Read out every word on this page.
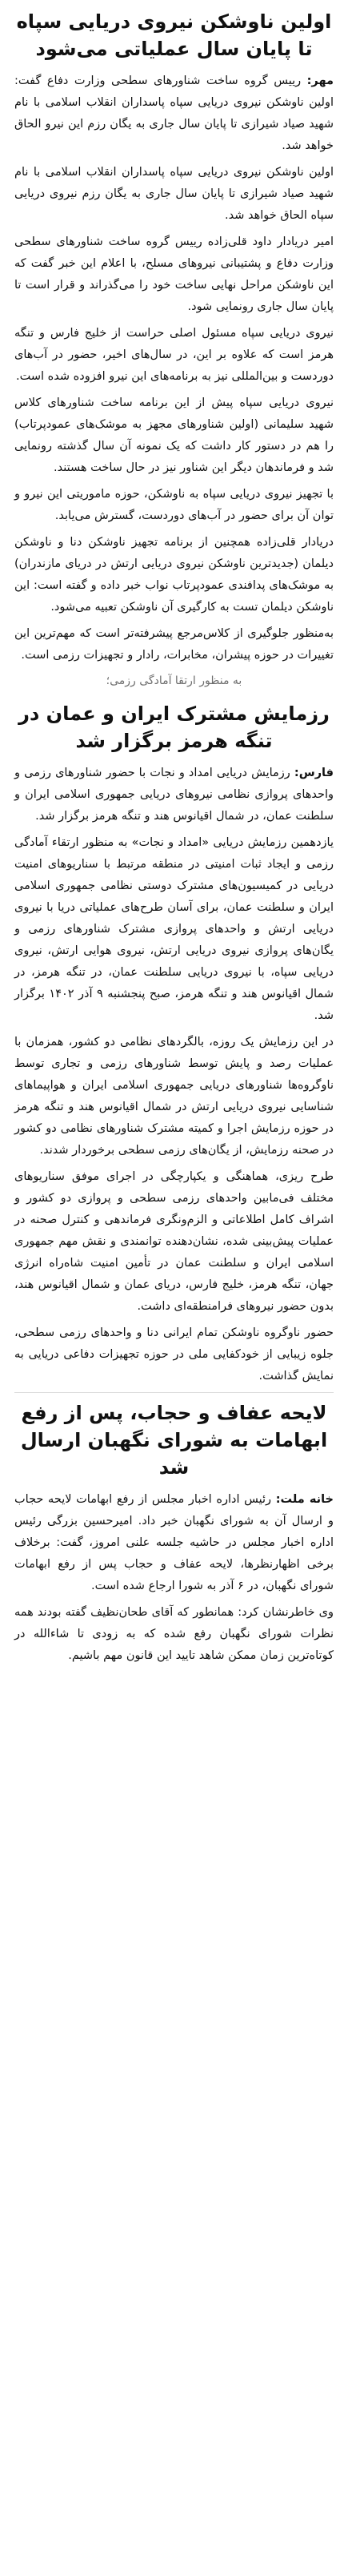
اولین ناوشکن نیروی دریایی سپاه تا پایان سال عملیاتی می‌شود

مهر: رییس گروه ساخت شناورهای سطحی وزارت دفاع گفت: اولین ناوشکن نیروی دریایی سپاه پاسداران انقلاب اسلامی با نام شهید صیاد شیرازی تا پایان سال جاری به یگان رزم این نیرو الحاق خواهد شد.

اولین ناوشکن نیروی دریایی سپاه پاسداران انقلاب اسلامی با نام شهید صیاد شیرازی تا پایان سال جاری به یگان رزم نیروی دریایی سپاه الحاق خواهد شد.

امیر دریادار داود قلی‌زاده رییس گروه ساخت شناورهای سطحی وزارت دفاع و پشتیبانی نیروهای مسلح، با اعلام این خبر گفت که این ناوشکن مراحل نهایی ساخت خود را می‌گذراند و قرار است تا پایان سال جاری رونمایی شود.

نیروی دریایی سپاه مسئول اصلی حراست از خلیج فارس و تنگه هرمز است که علاوه بر این، در سال‌های اخیر، حضور در آب‌های دوردست و بین‌المللی نیز به برنامه‌های این نیرو افزوده شده است.

نیروی دریایی سپاه پیش از این برنامه ساخت شناورهای کلاس شهید سلیمانی (اولین شناورهای مجهز به موشک‌های عمودپرتاب) را هم در دستور کار داشت که یک نمونه آن سال گذشته رونمایی شد و فرماندهان دیگر این شناور نیز در حال ساخت هستند.

با تجهیز نیروی دریایی سپاه به ناوشکن، حوزه ماموریتی این نیرو و توان آن برای حضور در آب‌های دوردست، گسترش می‌یابد.

دریادار قلی‌زاده همچنین از برنامه تجهیز ناوشکن دنا و ناوشکن دیلمان (جدیدترین ناوشکن نیروی دریایی ارتش در دریای مازندران) به موشک‌های پدافندی عمودپرتاب نواب خبر داده و گفته است: این ناوشکن دیلمان تست به کارگیری آن ناوشکن تعبیه می‌شود.

به‌منظور جلوگیری از کلاس‌مرجع پیشرفته‌تر است که مهم‌ترین این تغییرات در حوزه پیشران، مخابرات، رادار و تجهیزات رزمی است.

به منظور ارتقا آمادگی رزمی؛
رزمایش مشترک ایران و عمان در تنگه هرمز برگزار شد

فارس: رزمایش دریایی امداد و نجات با حضور شناورهای رزمی و واحدهای پروازی نظامی نیروهای دریایی جمهوری اسلامی ایران و سلطنت عمان، در شمال اقیانوس هند و تنگه هرمز برگزار شد.

یازدهمین رزمایش دریایی «امداد و نجات» به منظور ارتقاء آمادگی رزمی و ایجاد ثبات امنیتی در منطقه مرتبط با سناریوهای امنیت دریایی در کمیسیون‌های مشترک دوستی نظامی جمهوری اسلامی ایران و سلطنت عمان، برای آسان طرح‌های عملیاتی دریا با نیروی دریایی ارتش و واحدهای پروازی مشترک شناورهای رزمی و یگان‌های پروازی نیروی دریایی ارتش، نیروی هوایی ارتش، نیروی دریایی سپاه، با نیروی دریایی سلطنت عمان، در تنگه هرمز، در شمال اقیانوس هند و تنگه هرمز، صبح پنجشنبه ۹ آذر ۱۴۰۲ برگزار شد.

در این رزمایش یک روزه، بالگردهای نظامی دو کشور، همزمان با عملیات رصد و پایش توسط شناورهای رزمی و تجاری توسط ناوگروه‌ها شناورهای دریایی جمهوری اسلامی ایران و هواپیماهای شناسایی نیروی دریایی ارتش در شمال اقیانوس هند و تنگه هرمز در حوزه رزمایش اجرا و کمیته مشترک شناورهای نظامی دو کشور در صحنه رزمایش، از یگان‌های رزمی سطحی برخوردار شدند.

طرح ریزی، هماهنگی و یکپارچگی در اجرای موفق سناریوهای مختلف فی‌مابین واحدهای رزمی سطحی و پروازی دو کشور و اشراف کامل اطلاعاتی و الزم‌ونگری فرماندهی و کنترل صحنه در عملیات پیش‌بینی شده، نشان‌دهنده توانمندی و نقش مهم جمهوری اسلامی ایران و سلطنت عمان در تأمین امنیت شاه‌راه انرژی جهان، تنگه هرمز، خلیج فارس، دریای عمان و شمال اقیانوس هند، بدون حضور نیروهای فرامنطقه‌ای داشت.

حضور ناوگروه ناوشکن تمام ایرانی دنا و واحدهای رزمی سطحی، جلوه زیبایی از خودکفایی ملی در حوزه تجهیزات دفاعی دریایی به نمایش گذاشت.

لایحه عفاف و حجاب، پس از رفع ابهامات به شورای نگهبان ارسال شد

خانه ملت: رئیس اداره اخبار مجلس از رفع ابهامات لایحه حجاب و ارسال آن به شورای نگهبان خبر داد. امیرحسین بزرگی رئیس اداره اخبار مجلس در حاشیه جلسه علنی امروز، گفت: برخلاف برخی اظهارنظرها، لایحه عفاف و حجاب پس از رفع ابهامات شورای نگهبان، در ۶ آذر به شورا ارجاع شده است.

وی خاطرنشان کرد: همانطور که آقای طحان‌نظیف گفته بودند همه نظرات شورای نگهبان رفع شده که به زودی تا شاءالله در کوتاه‌ترین زمان ممکن شاهد تایید این قانون مهم باشیم.
